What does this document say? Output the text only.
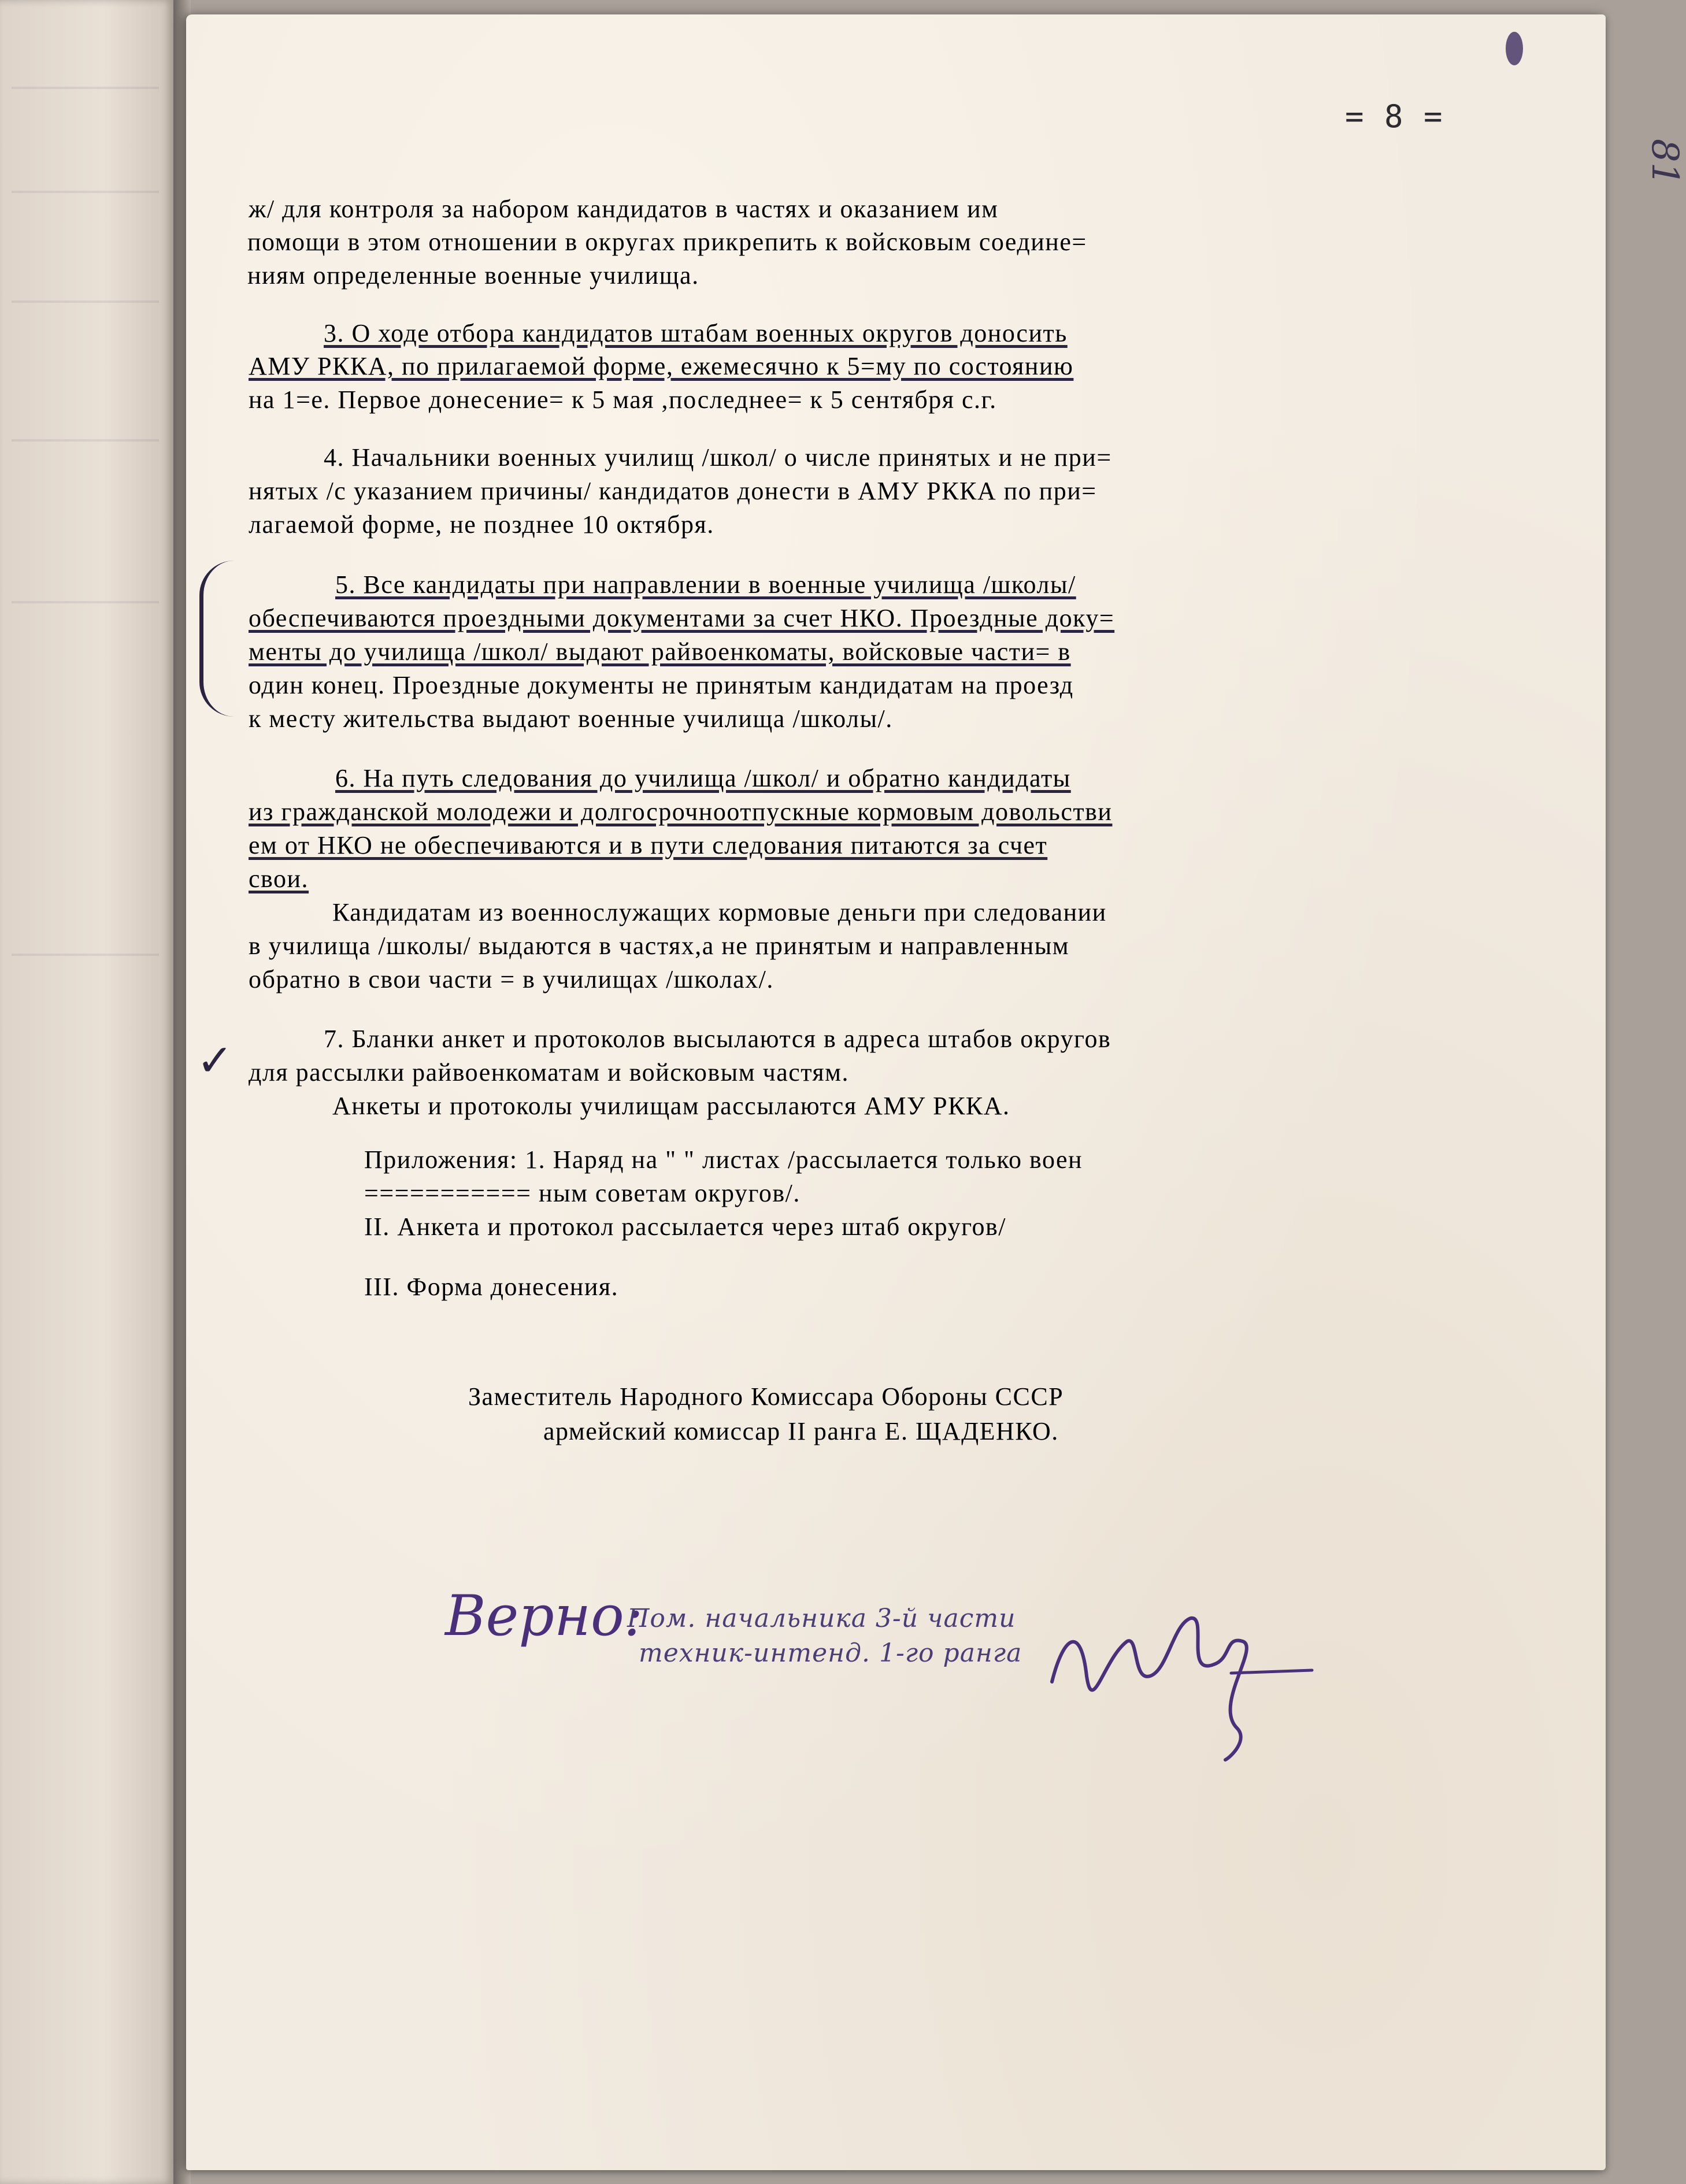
= 8 =
81
✓
ж/ для контроля за набором кандидатов в частях и оказанием им
помощи в этом отношении в округах прикрепить к войсковым соедине=
ниям определенные военные училища.
3. О ходе отбора кандидатов штабам военных округов доносить
АМУ РККА, по прилагаемой форме, ежемесячно к 5=му по состоянию
на 1=е. Первое донесение= к 5 мая ,последнее= к 5 сентября с.г.
4. Начальники военных училищ /школ/ о числе принятых и не при=
нятых /с указанием причины/ кандидатов донести в АМУ РККА по при=
лагаемой форме, не позднее 10 октября.
5. Все кандидаты при направлении в военные училища /школы/
обеспечиваются проездными документами за счет НКО. Проездные доку=
менты до училища /школ/ выдают райвоенкоматы, войсковые части= в
один конец. Проездные документы не принятым кандидатам на проезд
к месту жительства выдают военные училища /школы/.
6. На путь следования до училища /школ/ и обратно кандидаты
из гражданской молодежи и долгосрочноотпускные кормовым довольстви
ем от НКО не обеспечиваются и в пути следования питаются за счет
свои.
Кандидатам из военнослужащих кормовые деньги при следовании
в училища /школы/ выдаются в частях,а не принятым и направленным
обратно в свои части = в училищах /школах/.
7. Бланки анкет и протоколов высылаются в адреса штабов округов
для рассылки райвоенкоматам и войсковым частям.
Анкеты и протоколы училищам рассылаются АМУ РККА.
Приложения: 1. Наряд на " " листах /рассылается только воен
=========== ным советам округов/.
II. Анкета и протокол рассылается через штаб округов/
III. Форма донесения.
Заместитель Народного Комиссара Обороны СССР
армейский комиссар II ранга Е. ЩАДЕНКО.
Верно:
Пом. начальника 3-й части
техник-интенд. 1-го ранга
